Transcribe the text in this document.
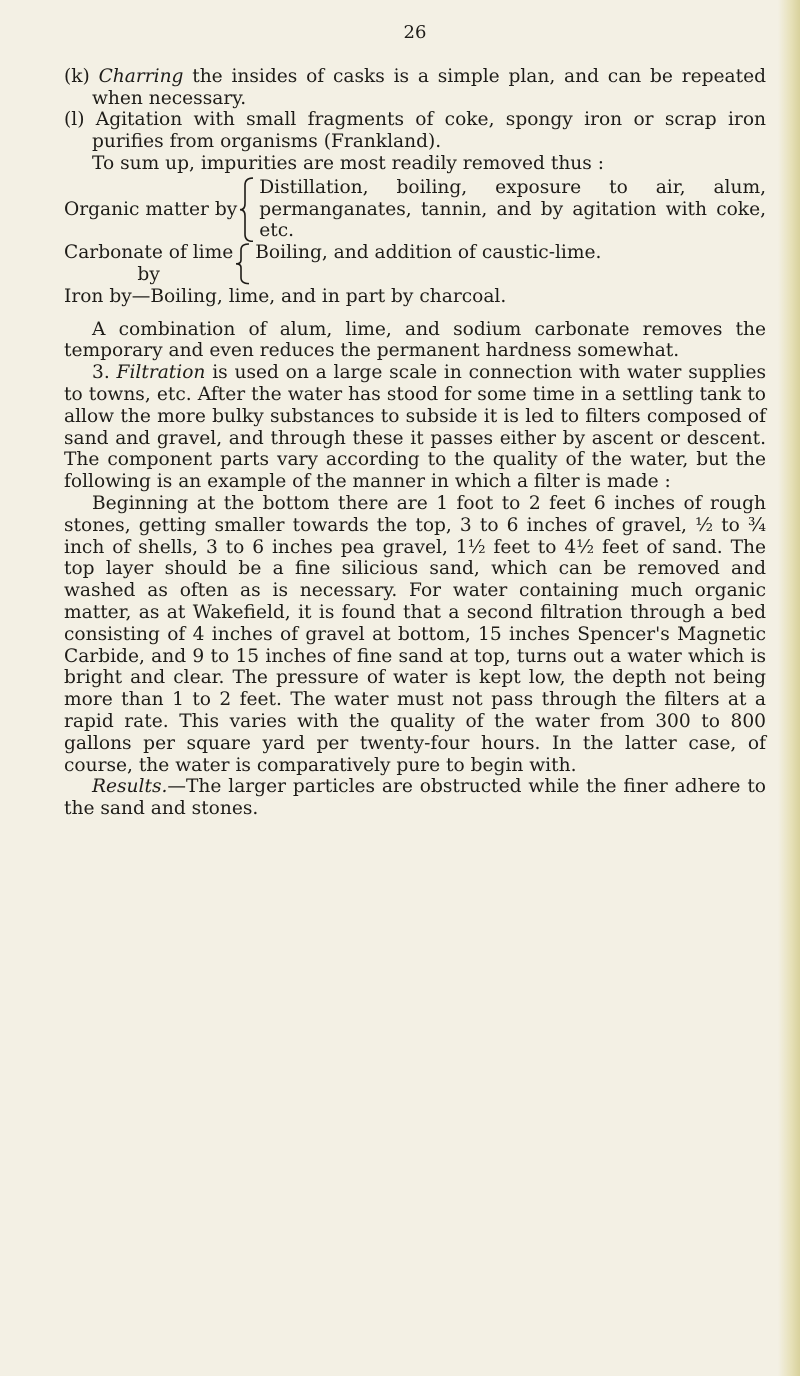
26

(k) Charring the insides of casks is a simple plan, and can be repeated when necessary.

(l) Agitation with small fragments of coke, spongy iron or scrap iron purifies from organisms (Frankland).

To sum up, impurities are most readily removed thus :

Organic matter by
Distillation, boiling, exposure to air, alum, permanganates, tannin, and by agitation with coke, etc.
Carbonate of lime
by
Boiling, and addition of caustic-lime.

Iron by—Boiling, lime, and in part by charcoal.

A combination of alum, lime, and sodium carbonate removes the temporary and even reduces the permanent hardness somewhat.

3. Filtration is used on a large scale in connection with water supplies to towns, etc. After the water has stood for some time in a settling tank to allow the more bulky substances to subside it is led to filters composed of sand and gravel, and through these it passes either by ascent or descent. The component parts vary according to the quality of the water, but the following is an example of the manner in which a filter is made :

Beginning at the bottom there are 1 foot to 2 feet 6 inches of rough stones, getting smaller towards the top, 3 to 6 inches of gravel, ½ to ¾ inch of shells, 3 to 6 inches pea gravel, 1½ feet to 4½ feet of sand. The top layer should be a fine silicious sand, which can be removed and washed as often as is necessary. For water containing much organic matter, as at Wakefield, it is found that a second filtration through a bed consisting of 4 inches of gravel at bottom, 15 inches Spencer's Magnetic Carbide, and 9 to 15 inches of fine sand at top, turns out a water which is bright and clear. The pressure of water is kept low, the depth not being more than 1 to 2 feet. The water must not pass through the filters at a rapid rate. This varies with the quality of the water from 300 to 800 gallons per square yard per twenty-four hours. In the latter case, of course, the water is comparatively pure to begin with.

Results.—The larger particles are obstructed while the finer adhere to the sand and stones.
